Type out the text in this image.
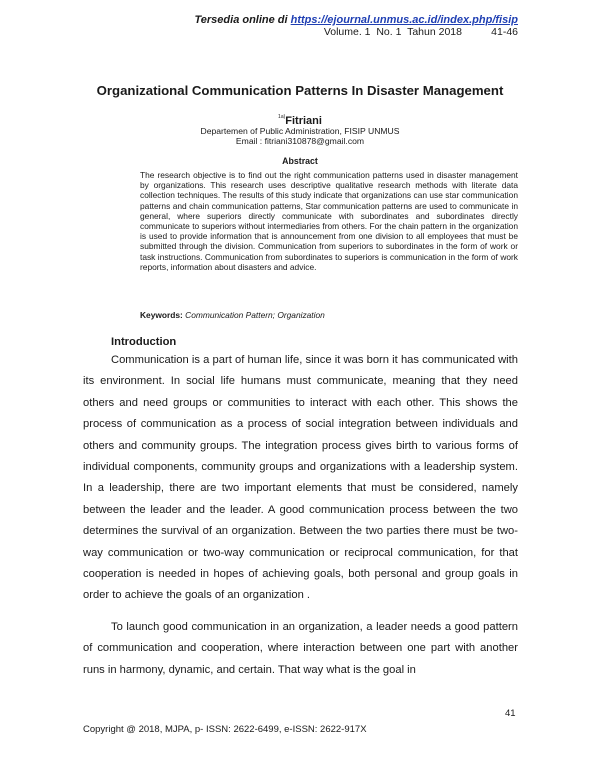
Tersedia online di https://ejournal.unmus.ac.id/index.php/fisip
Volume. 1  No. 1  Tahun 2018          41-46
Organizational Communication Patterns In Disaster Management
$^{1a)}$Fitriani
Departemen of Public Administration, FISIP UNMUS
Email : fitriani310878@gmail.com
Abstract

The research objective is to find out the right communication patterns used in disaster management by organizations. This research uses descriptive qualitative research methods with literate data collection techniques. The results of this study indicate that organizations can use star communication patterns and chain communication patterns, Star communication patterns are used to communicate in general, where superiors directly communicate with subordinates and subordinates directly communicate to superiors without intermediaries from others. For the chain pattern in the organization is used to provide information that is announcement from one division to all employees that must be submitted through the division. Communication from superiors to subordinates in the form of work or task instructions. Communication from subordinates to superiors is communication in the form of work reports, information about disasters and advice.

Keywords: Communication Pattern; Organization
Introduction

Communication is a part of human life, since it was born it has communicated with its environment. In social life humans must communicate, meaning that they need others and need groups or communities to interact with each other. This shows the process of communication as a process of social integration between individuals and others and community groups. The integration process gives birth to various forms of individual components, community groups and organizations with a leadership system. In a leadership, there are two important elements that must be considered, namely between the leader and the leader. A good communication process between the two determines the survival of an organization. Between the two parties there must be two-way communication or two-way communication or reciprocal communication, for that cooperation is needed in hopes of achieving goals, both personal and group goals in order to achieve the goals of an organization .

To launch good communication in an organization, a leader needs a good pattern of communication and cooperation, where interaction between one part with another runs in harmony, dynamic, and certain. That way what is the goal in

41
Copyright @ 2018, MJPA, p- ISSN: 2622-6499, e-ISSN: 2622-917X
